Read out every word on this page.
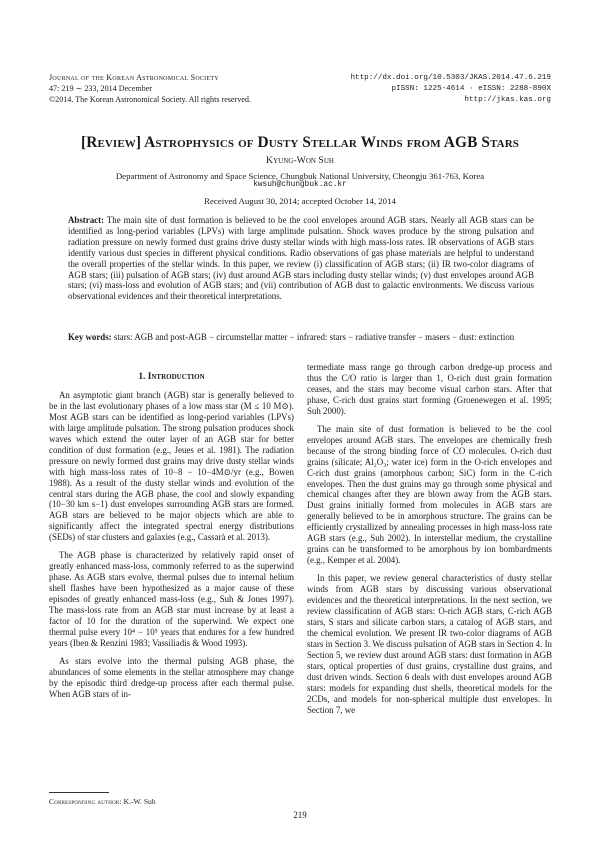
Journal of the Korean Astronomical Society
47: 219 ∼ 233, 2014 December
©2014. The Korean Astronomical Society. All rights reserved.
http://dx.doi.org/10.5303/JKAS.2014.47.6.219
pISSN: 1225-4614 · eISSN: 2288-890X
http://jkas.kas.org
[Review] Astrophysics of Dusty Stellar Winds from AGB Stars
Kyung-Won Suh
Department of Astronomy and Space Science, Chungbuk National University, Cheongju 361-763, Korea
kwsuh@chungbuk.ac.kr
Received August 30, 2014; accepted October 14, 2014
Abstract: The main site of dust formation is believed to be the cool envelopes around AGB stars. Nearly all AGB stars can be identified as long-period variables (LPVs) with large amplitude pulsation. Shock waves produce by the strong pulsation and radiation pressure on newly formed dust grains drive dusty stellar winds with high mass-loss rates. IR observations of AGB stars identify various dust species in different physical conditions. Radio observations of gas phase materials are helpful to understand the overall properties of the stellar winds. In this paper, we review (i) classification of AGB stars; (ii) IR two-color diagrams of AGB stars; (iii) pulsation of AGB stars; (iv) dust around AGB stars including dusty stellar winds; (v) dust envelopes around AGB stars; (vi) mass-loss and evolution of AGB stars; and (vii) contribution of AGB dust to galactic environments. We discuss various observational evidences and their theoretical interpretations.
Key words: stars: AGB and post-AGB − circumstellar matter − infrared: stars − radiative transfer − masers − dust: extinction

1. Introduction

An asymptotic giant branch (AGB) star is generally believed to be in the last evolutionary phases of a low mass star (M ≤ 10 M⊙). Most AGB stars can be identified as long-period variables (LPVs) with large amplitude pulsation. The strong pulsation produces shock waves which extend the outer layer of an AGB star for better condition of dust formation (e.g., Jeues et al. 1981). The radiation pressure on newly formed dust grains may drive dusty stellar winds with high mass-loss rates of 10−8 − 10−4M⊙/yr (e.g., Bowen 1988). As a result of the dusty stellar winds and evolution of the central stars during the AGB phase, the cool and slowly expanding (10−30 km s−1) dust envelopes surrounding AGB stars are formed. AGB stars are believed to be major objects which are able to significantly affect the integrated spectral energy distributions (SEDs) of star clusters and galaxies (e.g., Cassarà et al. 2013).

The AGB phase is characterized by relatively rapid onset of greatly enhanced mass-loss, commonly referred to as the superwind phase. As AGB stars evolve, thermal pulses due to internal helium shell flashes have been hypothesized as a major cause of these episodes of greatly enhanced mass-loss (e.g., Suh & Jones 1997). The mass-loss rate from an AGB star must increase by at least a factor of 10 for the duration of the superwind. We expect one thermal pulse every 10⁴ − 10⁵ years that endures for a few hundred years (Iben & Renzini 1983; Vassiliadis & Wood 1993).

As stars evolve into the thermal pulsing AGB phase, the abundances of some elements in the stellar atmosphere may change by the episodic third dredge-up process after each thermal pulse. When AGB stars of in-

termediate mass range go through carbon dredge-up process and thus the C/O ratio is larger than 1, O-rich dust grain formation ceases, and the stars may become visual carbon stars. After that phase, C-rich dust grains start forming (Groenewegen et al. 1995; Suh 2000).

The main site of dust formation is believed to be the cool envelopes around AGB stars. The envelopes are chemically fresh because of the strong binding force of CO molecules. O-rich dust grains (silicate; Al₂O₃; water ice) form in the O-rich envelopes and C-rich dust grains (amorphous carbon; SiC) form in the C-rich envelopes. Then the dust grains may go through some physical and chemical changes after they are blown away from the AGB stars. Dust grains initially formed from molecules in AGB stars are generally believed to be in amorphous structure. The grains can be efficiently crystallized by annealing processes in high mass-loss rate AGB stars (e.g., Suh 2002). In interstellar medium, the crystalline grains can be transformed to be amorphous by ion bombardments (e.g., Kemper et al. 2004).

In this paper, we review general characteristics of dusty stellar winds from AGB stars by discussing various observational evidences and the theoretical interpretations. In the next section, we review classification of AGB stars: O-rich AGB stars, C-rich AGB stars, S stars and silicate carbon stars, a catalog of AGB stars, and the chemical evolution. We present IR two-color diagrams of AGB stars in Section 3. We discuss pulsation of AGB stars in Section 4. In Section 5, we review dust around AGB stars: dust formation in AGB stars, optical properties of dust grains, crystalline dust grains, and dust driven winds. Section 6 deals with dust envelopes around AGB stars: models for expanding dust shells, theoretical models for the 2CDs, and models for non-spherical multiple dust envelopes. In Section 7, we

Corresponding author: K.-W. Suh
219
